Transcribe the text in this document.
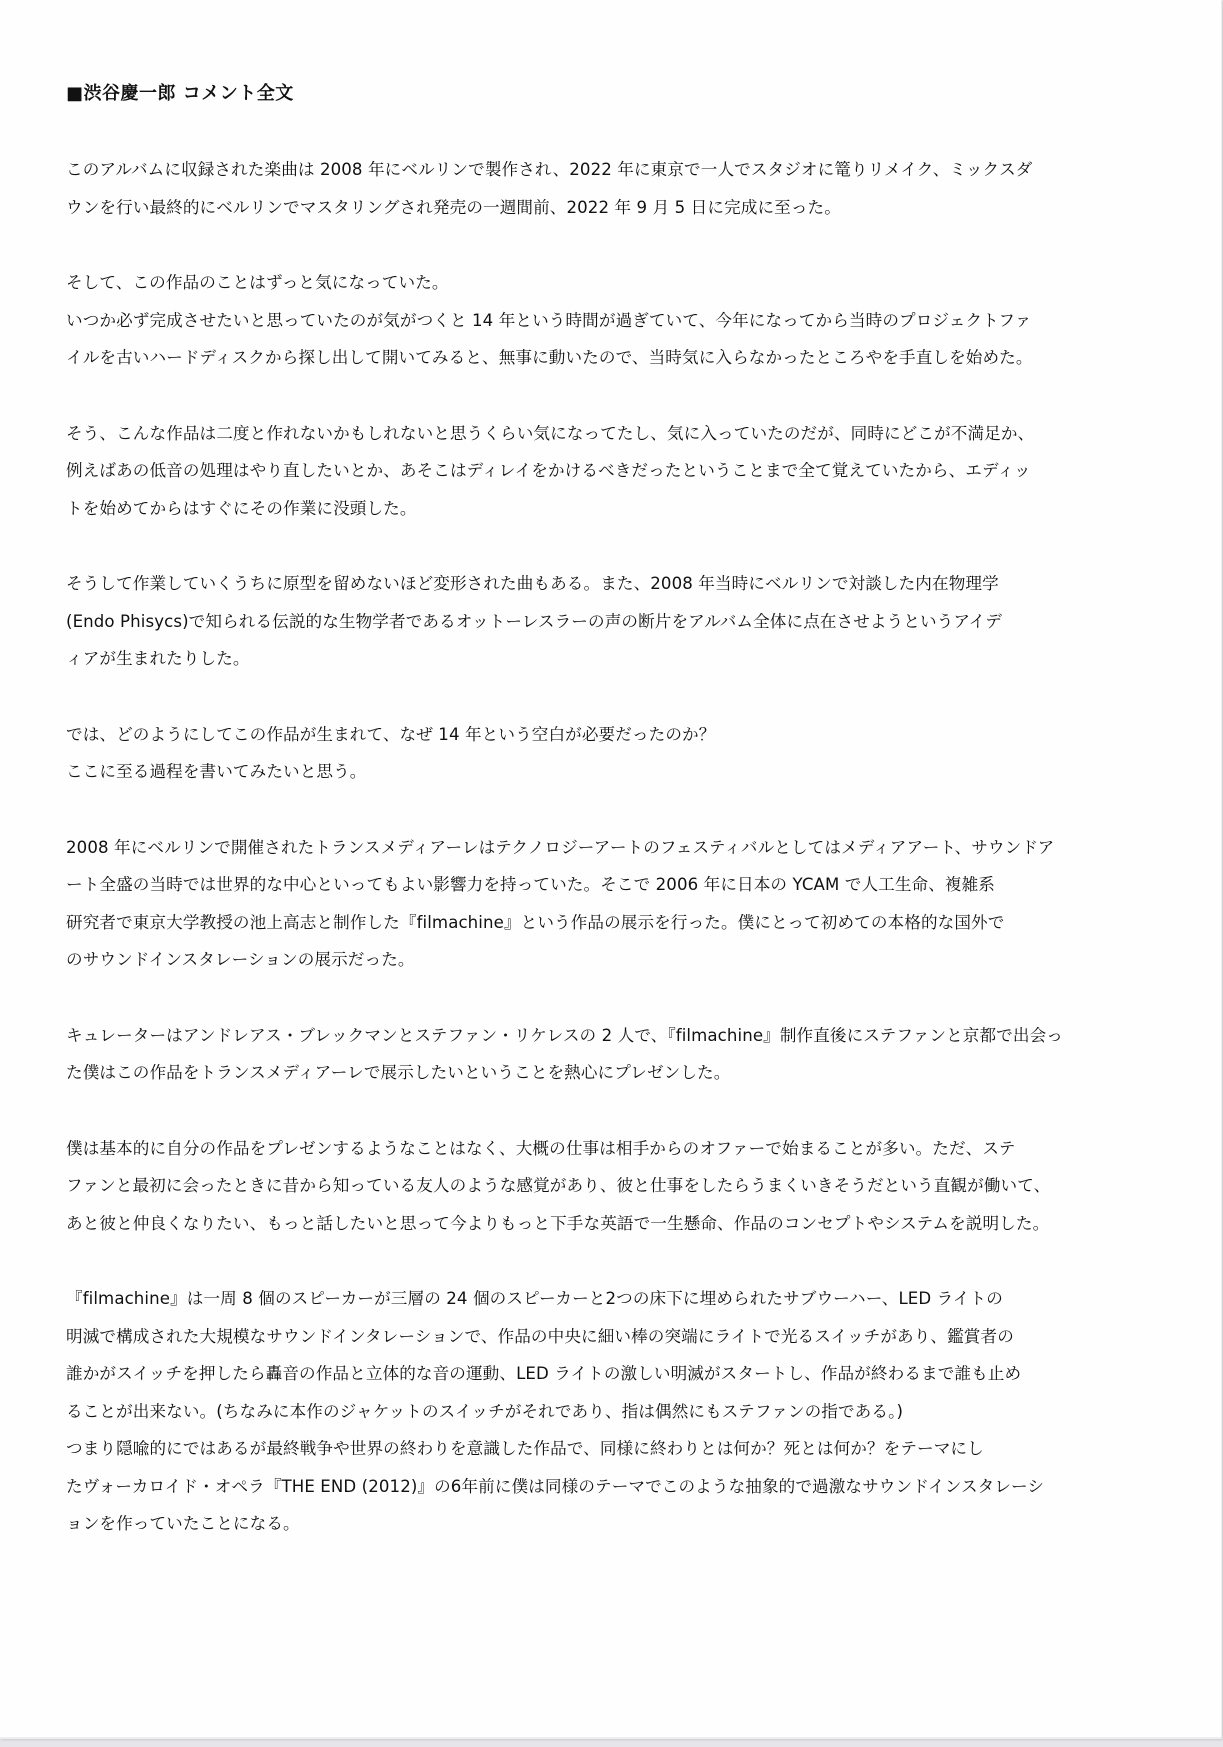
■渋谷慶一郎 コメント全文

このアルバムに収録された楽曲は 2008 年にベルリンで製作され、2022 年に東京で一人でスタジオに篭りリメイク、ミックスダ
ウンを行い最終的にベルリンでマスタリングされ発売の一週間前、2022 年 9 月 5 日に完成に至った。

そして、この作品のことはずっと気になっていた。
いつか必ず完成させたいと思っていたのが気がつくと 14 年という時間が過ぎていて、今年になってから当時のプロジェクトファ
イルを古いハードディスクから探し出して開いてみると、無事に動いたので、当時気に入らなかったところやを手直しを始めた。

そう、こんな作品は二度と作れないかもしれないと思うくらい気になってたし、気に入っていたのだが、同時にどこが不満足か、
例えばあの低音の処理はやり直したいとか、あそこはディレイをかけるべきだったということまで全て覚えていたから、エディッ
トを始めてからはすぐにその作業に没頭した。

そうして作業していくうちに原型を留めないほど変形された曲もある。また、2008 年当時にベルリンで対談した内在物理学
(Endo Phisycs)で知られる伝説的な生物学者であるオットーレスラーの声の断片をアルバム全体に点在させようというアイデ
ィアが生まれたりした。

では、どのようにしてこの作品が生まれて、なぜ 14 年という空白が必要だったのか？
ここに至る過程を書いてみたいと思う。

2008 年にベルリンで開催されたトランスメディアーレはテクノロジーアートのフェスティバルとしてはメディアアート、サウンドア
ート全盛の当時では世界的な中心といってもよい影響力を持っていた。そこで 2006 年に日本の YCAM で人工生命、複雑系
研究者で東京大学教授の池上高志と制作した『filmachine』という作品の展示を行った。僕にとって初めての本格的な国外で
のサウンドインスタレーションの展示だった。

キュレーターはアンドレアス・ブレックマンとステファン・リケレスの 2 人で、『filmachine』制作直後にステファンと京都で出会っ
た僕はこの作品をトランスメディアーレで展示したいということを熱心にプレゼンした。

僕は基本的に自分の作品をプレゼンするようなことはなく、大概の仕事は相手からのオファーで始まることが多い。ただ、ステ
ファンと最初に会ったときに昔から知っている友人のような感覚があり、彼と仕事をしたらうまくいきそうだという直観が働いて、
あと彼と仲良くなりたい、もっと話したいと思って今よりもっと下手な英語で一生懸命、作品のコンセプトやシステムを説明した。

『filmachine』は一周 8 個のスピーカーが三層の 24 個のスピーカーと2つの床下に埋められたサブウーハー、LED ライトの
明滅で構成された大規模なサウンドインタレーションで、作品の中央に細い棒の突端にライトで光るスイッチがあり、鑑賞者の
誰かがスイッチを押したら轟音の作品と立体的な音の運動、LED ライトの激しい明滅がスタートし、作品が終わるまで誰も止め
ることが出来ない。(ちなみに本作のジャケットのスイッチがそれであり、指は偶然にもステファンの指である。)
つまり隠喩的にではあるが最終戦争や世界の終わりを意識した作品で、同様に終わりとは何か？死とは何か？をテーマにし
たヴォーカロイド・オペラ『THE END (2012)』の6年前に僕は同様のテーマでこのような抽象的で過激なサウンドインスタレーシ
ョンを作っていたことになる。
